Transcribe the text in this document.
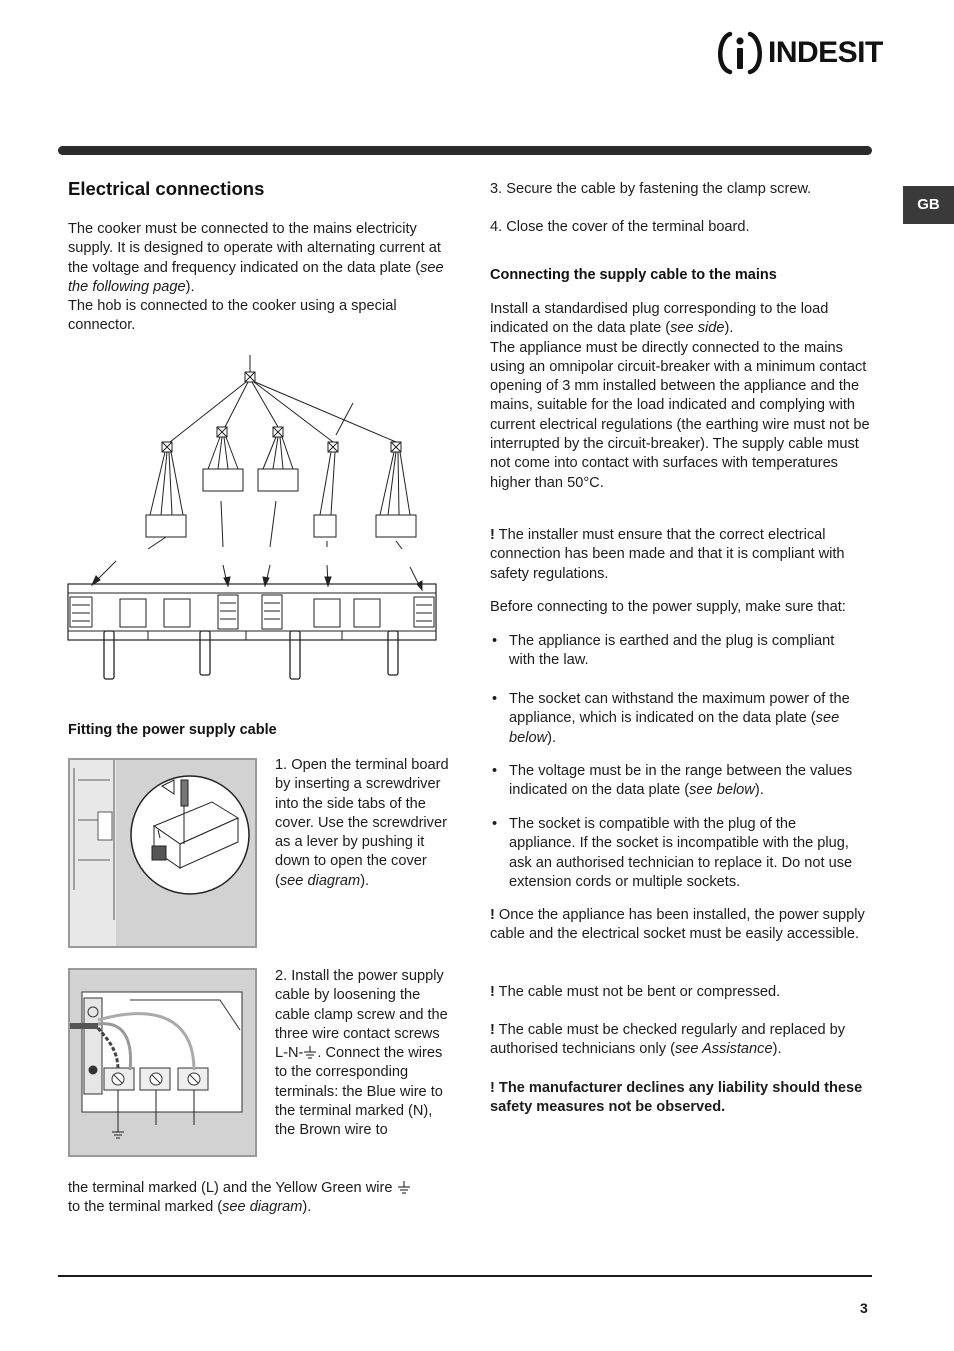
INDESIT
GB
Electrical connections
The cooker must be connected to the mains electricity supply. It is designed to operate with alternating current at the voltage and frequency indicated on the data plate (see the following page).
The hob is connected to the cooker using a special connector.
Fitting the power supply cable
1. Open the terminal board by inserting a screwdriver into the side tabs of the cover. Use the screwdriver as a lever by pushing it down to open the cover (see diagram).
2. Install the power supply cable by loosening the cable clamp screw and the three wire contact screws L-N- . Connect the wires to the corresponding terminals: the Blue wire to the terminal marked (N), the Brown wire to
the terminal marked (L) and the Yellow Green wire
to the terminal marked (see diagram).
3. Secure the cable by fastening the clamp screw.
4. Close the cover of the terminal board.
Connecting the supply cable to the mains
Install a standardised plug corresponding to the load indicated on the data plate (see side).
The appliance must be directly connected to the mains using an omnipolar circuit-breaker with a minimum contact opening of 3 mm installed between the appliance and the mains, suitable for the load indicated and complying with current electrical regulations (the earthing wire must not be interrupted by the circuit-breaker). The supply cable must not come into contact with surfaces with temperatures higher than 50°C.
! The installer must ensure that the correct electrical connection has been made and that it is compliant with safety regulations.
Before connecting to the power supply, make sure that:
• The appliance is earthed and the plug is compliant with the law.
• The socket can withstand the maximum power of the appliance, which is indicated on the data plate (see below).
• The voltage must be in the range between the values indicated on the data plate (see below).
• The socket is compatible with the plug of the appliance. If the socket is incompatible with the plug, ask an authorised technician to replace it. Do not use extension cords or multiple sockets.
! Once the appliance has been installed, the power supply cable and the electrical socket must be easily accessible.
! The cable must not be bent or compressed.
! The cable must be checked regularly and replaced by authorised technicians only (see Assistance).
! The manufacturer declines any liability should these safety measures not be observed.
3
